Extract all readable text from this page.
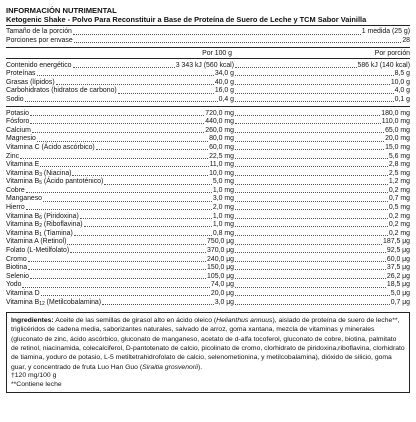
INFORMACIÓN NUTRIMENTAL
Ketogenic Shake - Polvo Para Reconstituir a Base de Proteína de Suero de Leche y TCM Sabor Vainilla
Tamaño de la porción	1 medida (25 g)
Porciones por envase	28
Por 100 g	Por porción
Contenido energético	3 343 kJ (560 kcal)	586 kJ (140 kcal)
Proteínas	34,0 g	8,5 g
Grasas (lípidos)	40,0 g	10,0 g
Carbohidratos (hidratos de carbono)	16,0 g	4,0 g
Sodio	0,4 g	0,1 g
Potasio	720,0 mg	180,0 mg
Fósforo	440,0 mg	110,0 mg
Calcium	260,0 mg	65,0 mg
Magnesio	80,0 mg	20,0 mg
Vitamina C (Ácido ascórbico)	60,0 mg	15,0 mg
Zinc	22,5 mg	5,6 mg
Vitamina E	11,0 mg	2,8 mg
Vitamina $B_3$ (Niacina)	10,0 mg	2,5 mg
Vitamina $B_5$ (Ácido pantoténico)	5,0 mg	1,2 mg
Cobre	1,0 mg	0,2 mg
Manganeso	3,0 mg	0,7 mg
Hierro	2,0 mg	0,5 mg
Vitamina $B_6$ (Piridoxina)	1,0 mg	0,2 mg
Vitamina $B_2$ (Riboflavina)	1,0 mg	0,2 mg
Vitamina $B_1$ (Tiamina)	0,8 mg	0,2 mg
Vitamina A (Retinol)	750,0 μg	187,5 μg
Folato (L-Metilfolato)	370,0 μg	92,5 μg
Cromo	240,0 μg	60,0 μg
Biotina	150,0 μg	37,5 μg
Selenio	105,0 μg	26,2 μg
Yodo	74,0 μg	18,5 μg
Vitamina D	20,0 μg	5,0 μg
Vitamina $B_{12}$ (Metilcobalamina)	3,0 μg	0,7 μg
Ingredientes: Aceite de las semillas de girasol alto en ácido oleico (Helianthus annuus), aislado de proteína de suero de leche**, triglicéridos de cadena media, saborizantes naturales, salvado de arroz, goma xantana, mezcla de vitaminas y minerales (gluconato de zinc, ácido ascórbico, gluconato de manganeso, acetato de d-alfa tocoferol, gluconato de cobre, biotina, palmitato de retinol, niacinamida, colecalciferol, D-pantotenato de calcio, picolinato de cromo, clorhidrato de piridoxina,riboflavina, clorhidrato de tiamina, yoduro de potasio, L-5 metiltetrahidrofolato de calcio, selenometionina, y metilcobalamina), dióxido de silicio, goma guar, y concentrado de fruta Luo Han Guo (Siraitia grosvenorii).
†120 mg/100 g
**Contiene leche
